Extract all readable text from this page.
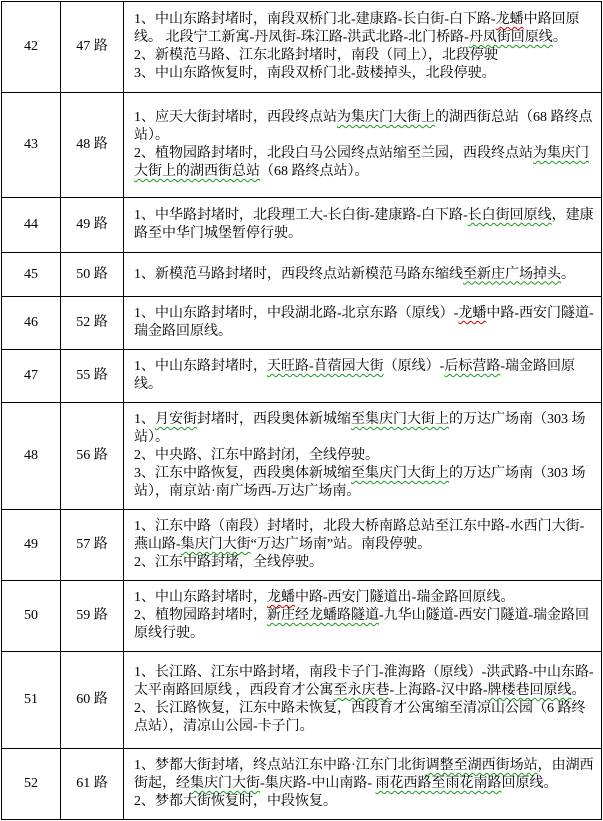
42	47 路	1、中山东路封堵时，南段双桥门北-建康路-长白街-白下路-龙蟠中路回原线。 北段宁工新寓-丹凤街-珠江路-洪武北路-北门桥路-丹凤街回原线。

2、新模范马路、江东北路封堵时，南段（同上），北段停驶

3、中山东路恢复时，南段双桥门北-鼓楼掉头，北段停驶。

43	48 路	1、应天大街封堵时，西段终点站为集庆门大街上的湖西街总站（68 路终点站）。

2、植物园路封堵时，北段白马公园终点站缩至兰园，西段终点站为集庆门大街上的湖西街总站（68 路终点站）。

44	49 路	1、中华路封堵时，北段理工大-长白街-建康路-白下路-长白街回原线，建康路至中华门城堡暂停行驶。

45	50 路	1、新模范马路封堵时，西段终点站新模范马路东缩线至新庄广场掉头。

46	52 路	1、中山东路封堵时，中段湖北路-北京东路（原线）-龙蟠中路-西安门隧道-瑞金路回原线。

47	55 路	1、中山东路封堵时，天旺路-苜蓿园大街（原线）-后标营路-瑞金路回原线。

48	56 路	1、月安街封堵时，西段奥体新城缩至集庆门大街上的万达广场南（303 场站）。

2、中央路、江东中路封闭，全线停驶。

3、江东中路恢复，西段奥体新城缩至集庆门大街上的万达广场南（303 场站），南京站·南广场西-万达广场南。

49	57 路	1、江东中路（南段）封堵时，北段大桥南路总站至江东中路-水西门大街-燕山路-集庆门大街“万达广场南”站。南段停驶。

2、江东中路封堵，全线停驶。

50	59 路	1、中山东路封堵时，龙蟠中路-西安门隧道出-瑞金路回原线。

2、植物园路封堵时，新庄经龙蟠路隧道-九华山隧道-西安门隧道-瑞金路回原线行驶。

51	60 路	1、长江路、江东中路封堵，南段卡子门-淮海路（原线）-洪武路-中山东路-太平南路回原线 ，西段育才公寓至永庆巷-上海路-汉中路-牌楼巷回原线。

2、长江路恢复，江东中路未恢复，西段育才公寓缩至清凉山公园（6 路终点站），清凉山公园-卡子门。

52	61 路	1、梦都大街封堵，终点站江东中路·江东门北街调整至湖西街场站，由湖西街起，经集庆门大街-集庆路-中山南路- 雨花西路至雨花南路回原线。

2、梦都大街恢复时，中段恢复。
